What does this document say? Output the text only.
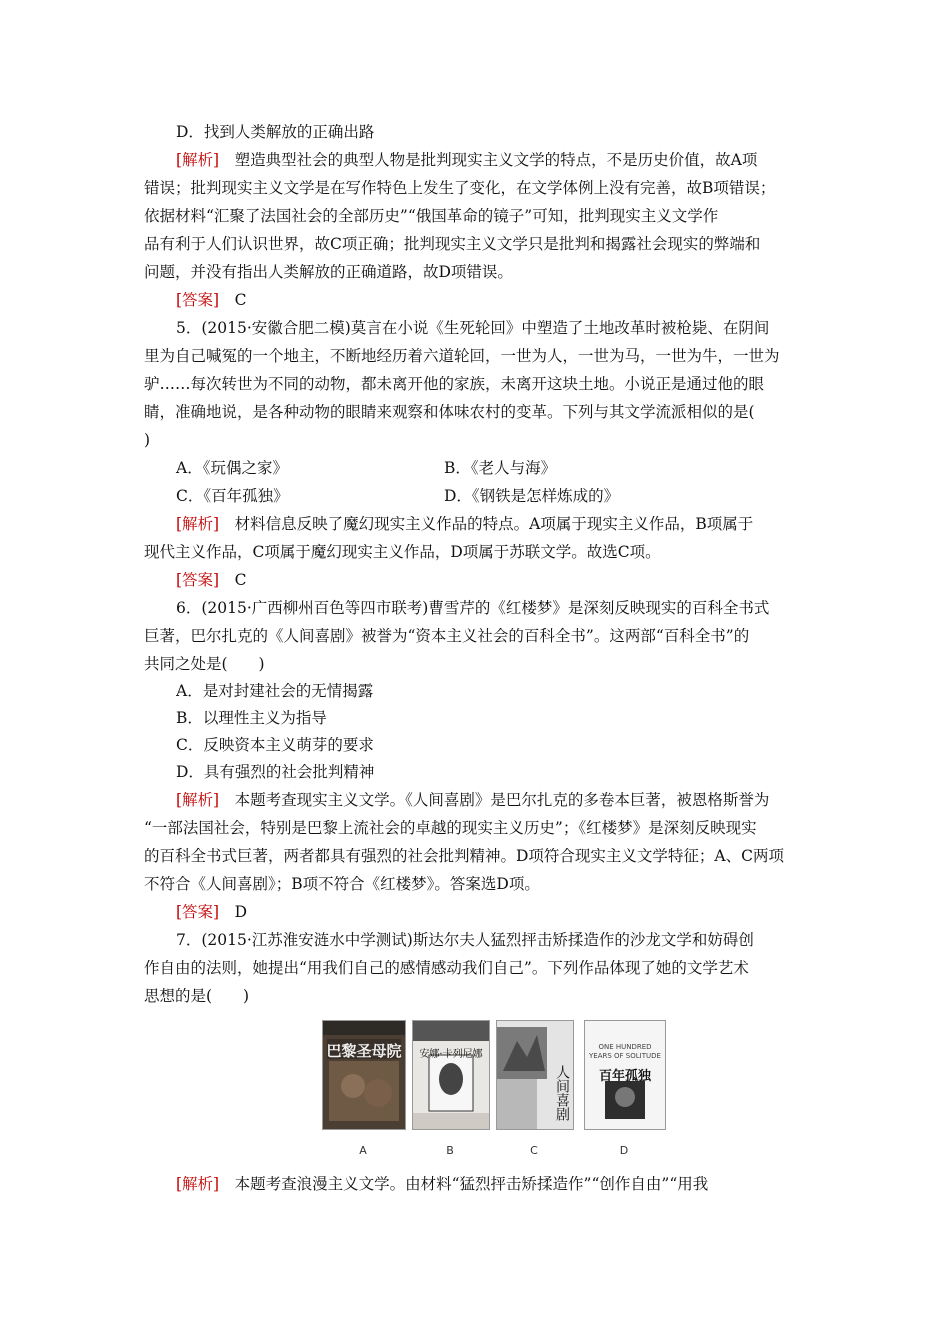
D．找到人类解放的正确出路
[解析]　 塑造典型社会的典型人物是批判现实主义文学的特点，不是历史价值，故A项
错误；批判现实主义文学是在写作特色上发生了变化，在文学体例上没有完善，故B项错误；
依据材料“汇聚了法国社会的全部历史”“俄国革命的镜子”可知，批判现实主义文学作
品有利于人们认识世界，故C项正确；批判现实主义文学只是批判和揭露社会现实的弊端和
问题，并没有指出人类解放的正确道路，故D项错误。
[答案]　 C
5．(2015·安徽合肥二模)莫言在小说《生死轮回》中塑造了土地改革时被枪毙、在阴间
里为自己喊冤的一个地主，不断地经历着六道轮回，一世为人，一世为马，一世为牛，一世为
驴……每次转世为不同的动物，都未离开他的家族，未离开这块土地。小说正是通过他的眼
睛，准确地说，是各种动物的眼睛来观察和体味农村的变革。下列与其文学流派相似的是(
)
A．《玩偶之家》	B．《老人与海》
C．《百年孤独》	D．《钢铁是怎样炼成的》
[解析]　 材料信息反映了魔幻现实主义作品的特点。A项属于现实主义作品，B项属于
现代主义作品，C项属于魔幻现实主义作品，D项属于苏联文学。故选C项。
[答案]　 C
6．(2015·广西柳州百色等四市联考)曹雪芹的《红楼梦》是深刻反映现实的百科全书式
巨著，巴尔扎克的《人间喜剧》被誉为“资本主义社会的百科全书”。这两部“百科全书”的
共同之处是(　　)
A．是对封建社会的无情揭露
B．以理性主义为指导
C．反映资本主义萌芽的要求
D．具有强烈的社会批判精神
[解析]　 本题考查现实主义文学。《人间喜剧》是巴尔扎克的多卷本巨著，被恩格斯誉为
“一部法国社会，特别是巴黎上流社会的卓越的现实主义历史”；《红楼梦》是深刻反映现实
的百科全书式巨著，两者都具有强烈的社会批判精神。D项符合现实主义文学特征；A、C两项
不符合《人间喜剧》；B项不符合《红楼梦》。答案选D项。
[答案]　 D
7．(2015·江苏淮安涟水中学测试)斯达尔夫人猛烈抨击矫揉造作的沙龙文学和妨碍创
作自由的法则，她提出“用我们自己的感情感动我们自己”。下列作品体现了她的文学艺术
思想的是(　　)
巴黎圣母院	安娜·卡列尼娜
人间喜剧
ONE HUNDRED YEARS OF SOLITUDE
百年孤独
A	B	C	D
[解析]　 本题考查浪漫主义文学。由材料“猛烈抨击矫揉造作”“创作自由”“用我
